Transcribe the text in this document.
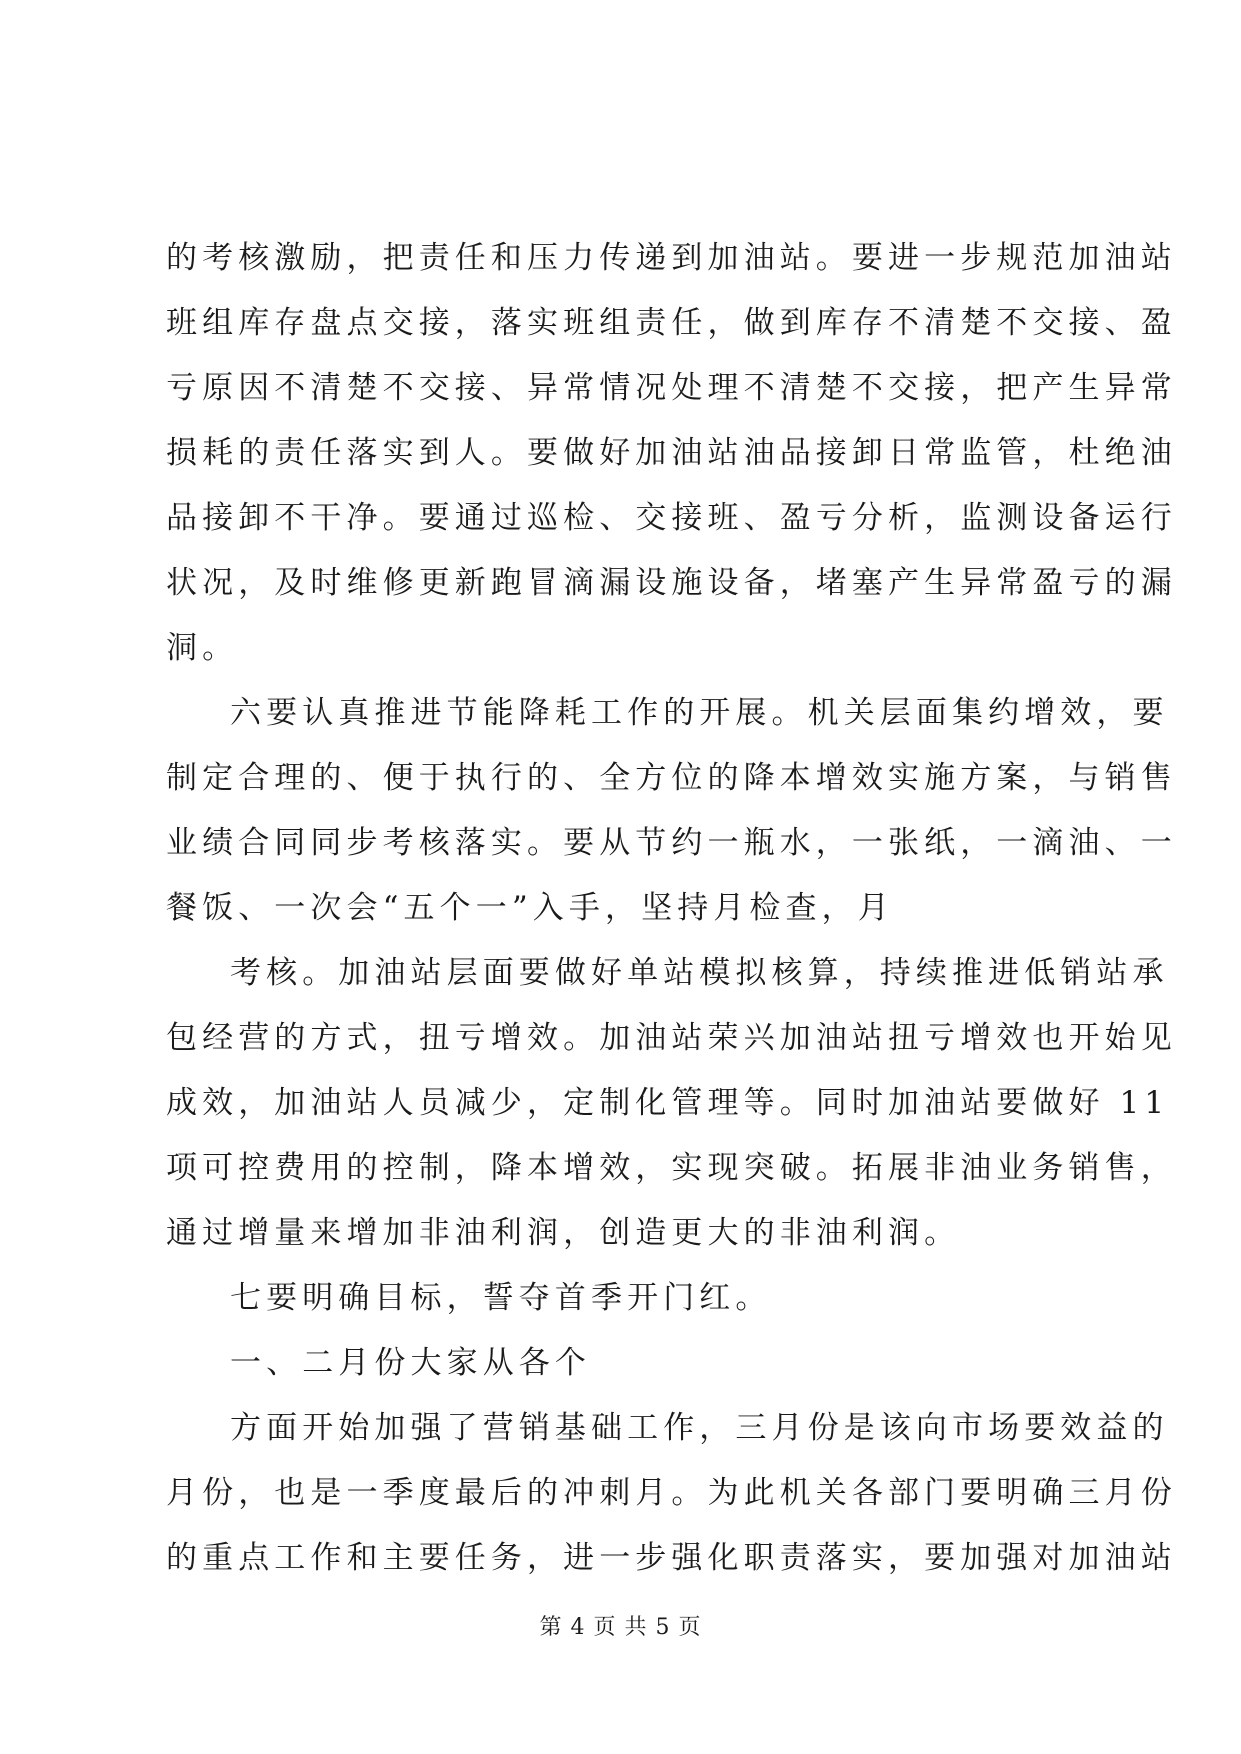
的考核激励，把责任和压力传递到加油站。要进一步规范加油站
班组库存盘点交接，落实班组责任，做到库存不清楚不交接、盈
亏原因不清楚不交接、异常情况处理不清楚不交接，把产生异常
损耗的责任落实到人。要做好加油站油品接卸日常监管，杜绝油
品接卸不干净。要通过巡检、交接班、盈亏分析，监测设备运行
状况，及时维修更新跑冒滴漏设施设备，堵塞产生异常盈亏的漏
洞。
六要认真推进节能降耗工作的开展。机关层面集约增效，要
制定合理的、便于执行的、全方位的降本增效实施方案，与销售
业绩合同同步考核落实。要从节约一瓶水，一张纸，一滴油、一
餐饭、一次会“五个一”入手，坚持月检查，月
考核。加油站层面要做好单站模拟核算，持续推进低销站承
包经营的方式，扭亏增效。加油站荣兴加油站扭亏增效也开始见
成效，加油站人员减少，定制化管理等。同时加油站要做好 11
项可控费用的控制，降本增效，实现突破。拓展非油业务销售，
通过增量来增加非油利润，创造更大的非油利润。
七要明确目标，誓夺首季开门红。
一、二月份大家从各个
方面开始加强了营销基础工作，三月份是该向市场要效益的
月份，也是一季度最后的冲刺月。为此机关各部门要明确三月份
的重点工作和主要任务，进一步强化职责落实，要加强对加油站
第 4 页 共 5 页
